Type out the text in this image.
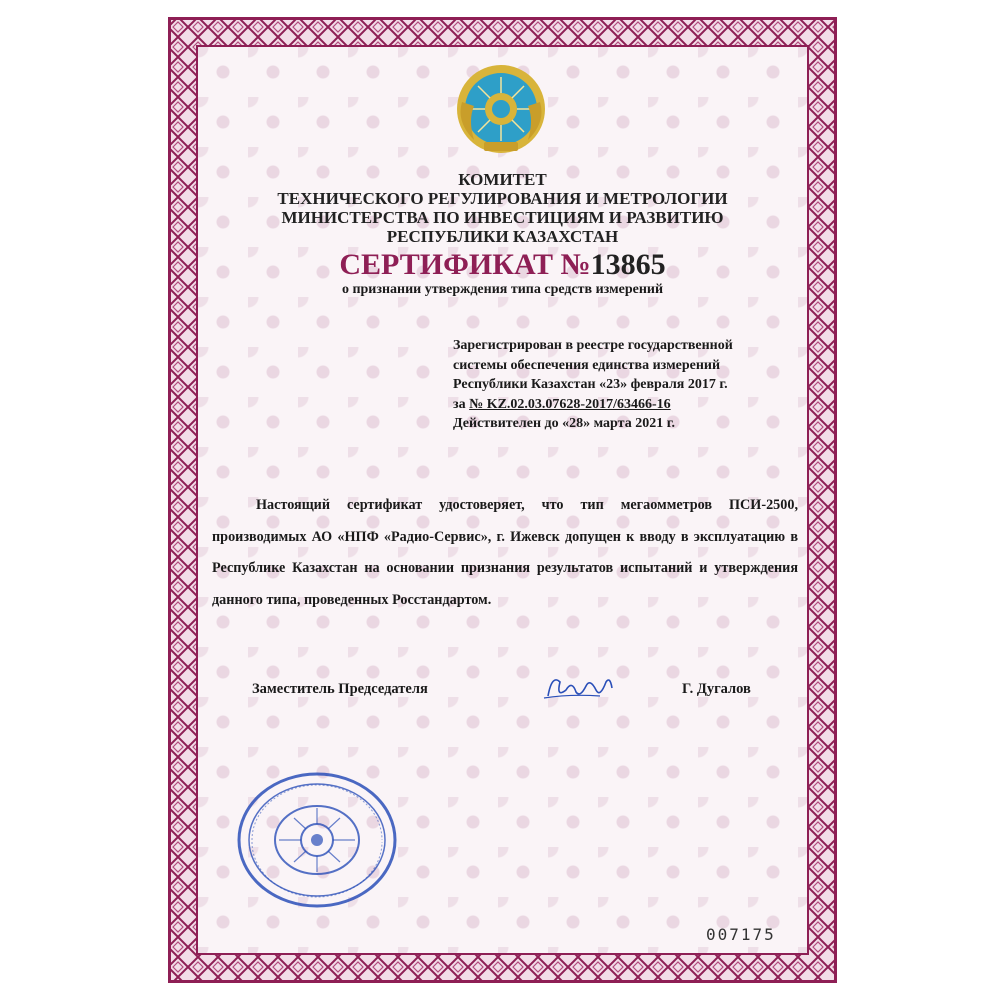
КОМИТЕТ
ТЕХНИЧЕСКОГО РЕГУЛИРОВАНИЯ И МЕТРОЛОГИИ
МИНИСТЕРСТВА ПО ИНВЕСТИЦИЯМ И РАЗВИТИЮ
РЕСПУБЛИКИ КАЗАХСТАН
СЕРТИФИКАТ №13865
о признании утверждения типа средств измерений
Зарегистрирован в реестре государственной
системы обеспечения единства измерений
Республики Казахстан «23» февраля 2017 г.
за № KZ.02.03.07628-2017/63466-16
Действителен до «28» марта 2021 г.
Настоящий сертификат удостоверяет, что тип мегаомметров ПСИ-2500, производимых АО «НПФ «Радио-Сервис», г. Ижевск допущен к вводу в эксплуатацию в Республике Казахстан на основании признания результатов испытаний и утверждения данного типа, проведенных Росстандартом.
Заместитель Председателя	Г. Дугалов
007175
